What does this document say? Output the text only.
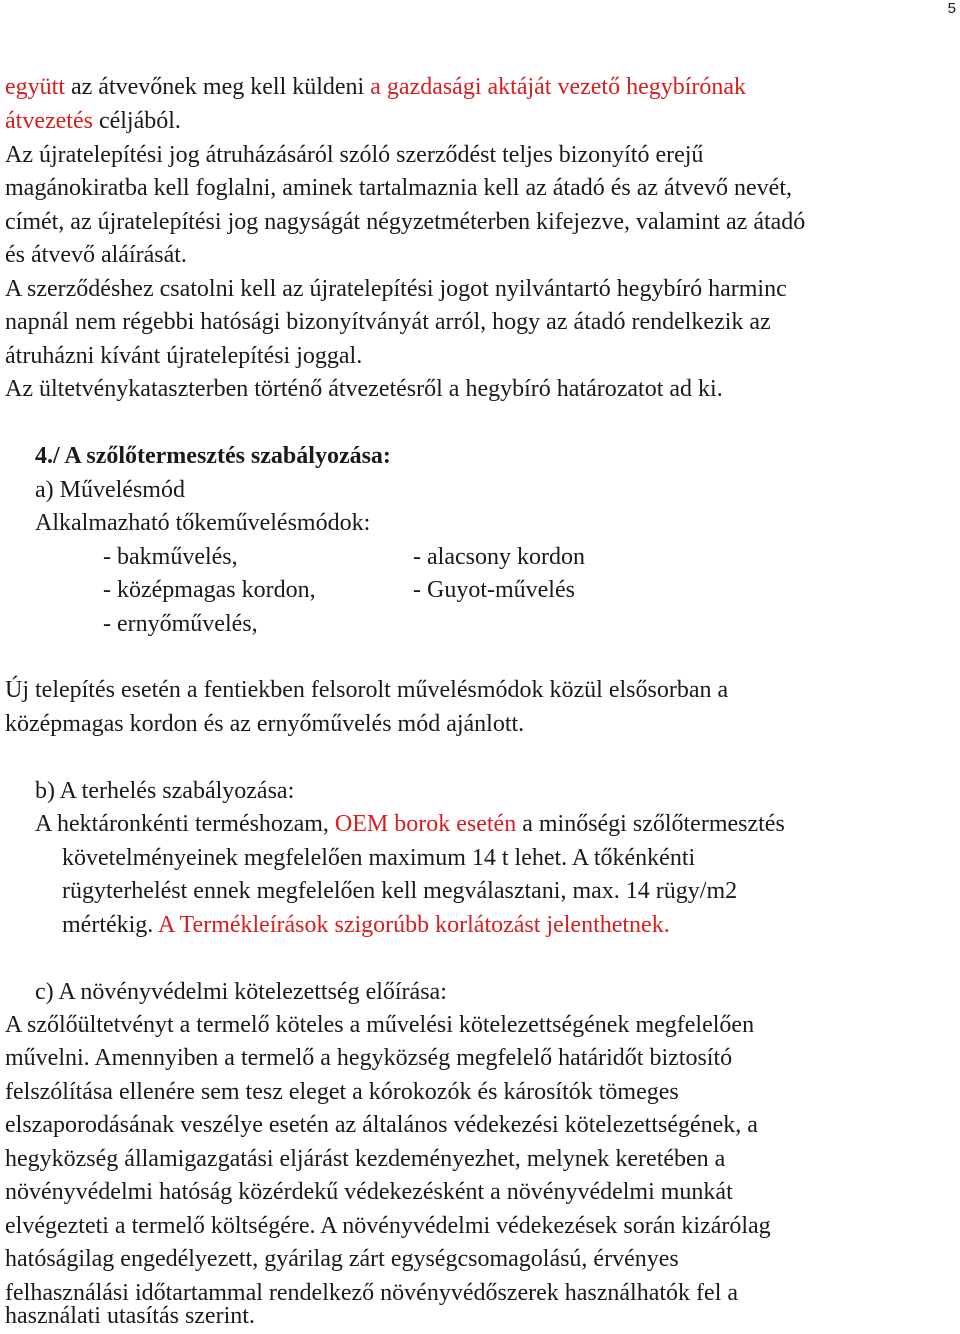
5
együtt az átvevőnek meg kell küldeni a gazdasági aktáját vezető hegybírónak
átvezetés céljából.
Az újratelepítési jog átruházásáról szóló szerződést teljes bizonyító erejű
magánokiratba kell foglalni, aminek tartalmaznia kell az átadó és az átvevő nevét,
címét, az újratelepítési jog nagyságát négyzetméterben kifejezve, valamint az átadó
és átvevő aláírását.
A szerződéshez csatolni kell az újratelepítési jogot nyilvántartó hegybíró harminc
napnál nem régebbi hatósági bizonyítványát arról, hogy az átadó rendelkezik az
átruházni kívánt újratelepítési joggal.
Az ültetvénykataszterben történő átvezetésről a hegybíró határozatot ad ki.
4./ A szőlőtermesztés szabályozása:
a) Művelésmód
Alkalmazható tőkeművelésmódok:
- bakművelés,	- alacsony kordon
- középmagas kordon,	- Guyot-művelés
- ernyőművelés,
Új telepítés esetén a fentiekben felsorolt művelésmódok közül elsősorban a
középmagas kordon és az ernyőművelés mód ajánlott.
b) A terhelés szabályozása:
A hektáronkénti terméshozam, OEM borok esetén a minőségi szőlőtermesztés
követelményeinek megfelelően maximum 14 t lehet. A tőkénkénti
rügyterhelést ennek megfelelően kell megválasztani, max. 14 rügy/m2
mértékig. A Termékleírások szigorúbb korlátozást jelenthetnek.
c) A növényvédelmi kötelezettség előírása:
A szőlőültetvényt a termelő köteles a művelési kötelezettségének megfelelően
művelni. Amennyiben a termelő a hegyközség megfelelő határidőt biztosító
felszólítása ellenére sem tesz eleget a kórokozók és károsítók tömeges
elszaporodásának veszélye esetén az általános védekezési kötelezettségének, a
hegyközség államigazgatási eljárást kezdeményezhet, melynek keretében a
növényvédelmi hatóság közérdekű védekezésként a növényvédelmi munkát
elvégezteti a termelő költségére. A növényvédelmi védekezések során kizárólag
hatóságilag engedélyezett, gyárilag zárt egységcsomagolású, érvényes
felhasználási időtartammal rendelkező növényvédőszerek használhatók fel a
használati utasítás szerint.
